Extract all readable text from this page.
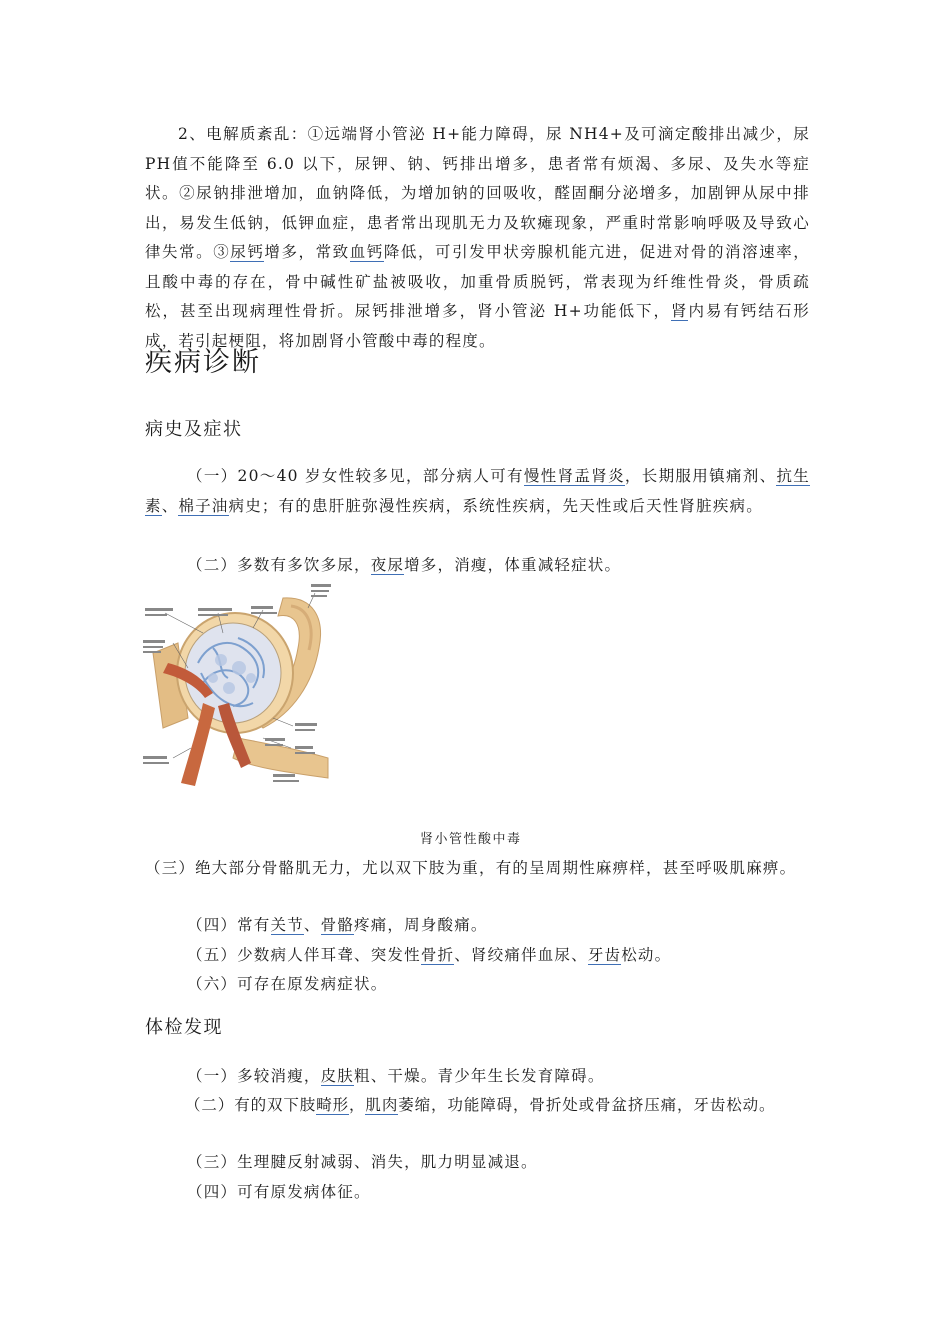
2、电解质紊乱：①远端肾小管泌 H+能力障碍，尿 NH4+及可滴定酸排出减少，尿 PH值不能降至 6.0 以下，尿钾、钠、钙排出增多，患者常有烦渴、多尿、及失水等症状。②尿钠排泄增加，血钠降低，为增加钠的回吸收，醛固酮分泌增多，加剧钾从尿中排出，易发生低钠，低钾血症，患者常出现肌无力及软瘫现象，严重时常影响呼吸及导致心律失常。③尿钙增多，常致血钙降低，可引发甲状旁腺机能亢进，促进对骨的消溶速率，且酸中毒的存在，骨中碱性矿盐被吸收，加重骨质脱钙，常表现为纤维性骨炎，骨质疏松，甚至出现病理性骨折。尿钙排泄增多，肾小管泌 H+功能低下，肾内易有钙结石形成，若引起梗阻，将加剧肾小管酸中毒的程度。
疾病诊断
病史及症状
（一）20～40 岁女性较多见，部分病人可有慢性肾盂肾炎，长期服用镇痛剂、抗生素、棉子油病史；有的患肝脏弥漫性疾病，系统性疾病，先天性或后天性肾脏疾病。
（二）多数有多饮多尿，夜尿增多，消瘦，体重减轻症状。
肾小管性酸中毒
（三）绝大部分骨骼肌无力，尤以双下肢为重，有的呈周期性麻痹样，甚至呼吸肌麻痹。
（四）常有关节、骨骼疼痛，周身酸痛。
（五）少数病人伴耳聋、突发性骨折、肾绞痛伴血尿、牙齿松动。
（六）可存在原发病症状。
体检发现
（一）多较消瘦，皮肤粗、干燥。青少年生长发育障碍。
（二）有的双下肢畸形，肌肉萎缩，功能障碍，骨折处或骨盆挤压痛，牙齿松动。
（三）生理腱反射减弱、消失，肌力明显减退。
（四）可有原发病体征。
